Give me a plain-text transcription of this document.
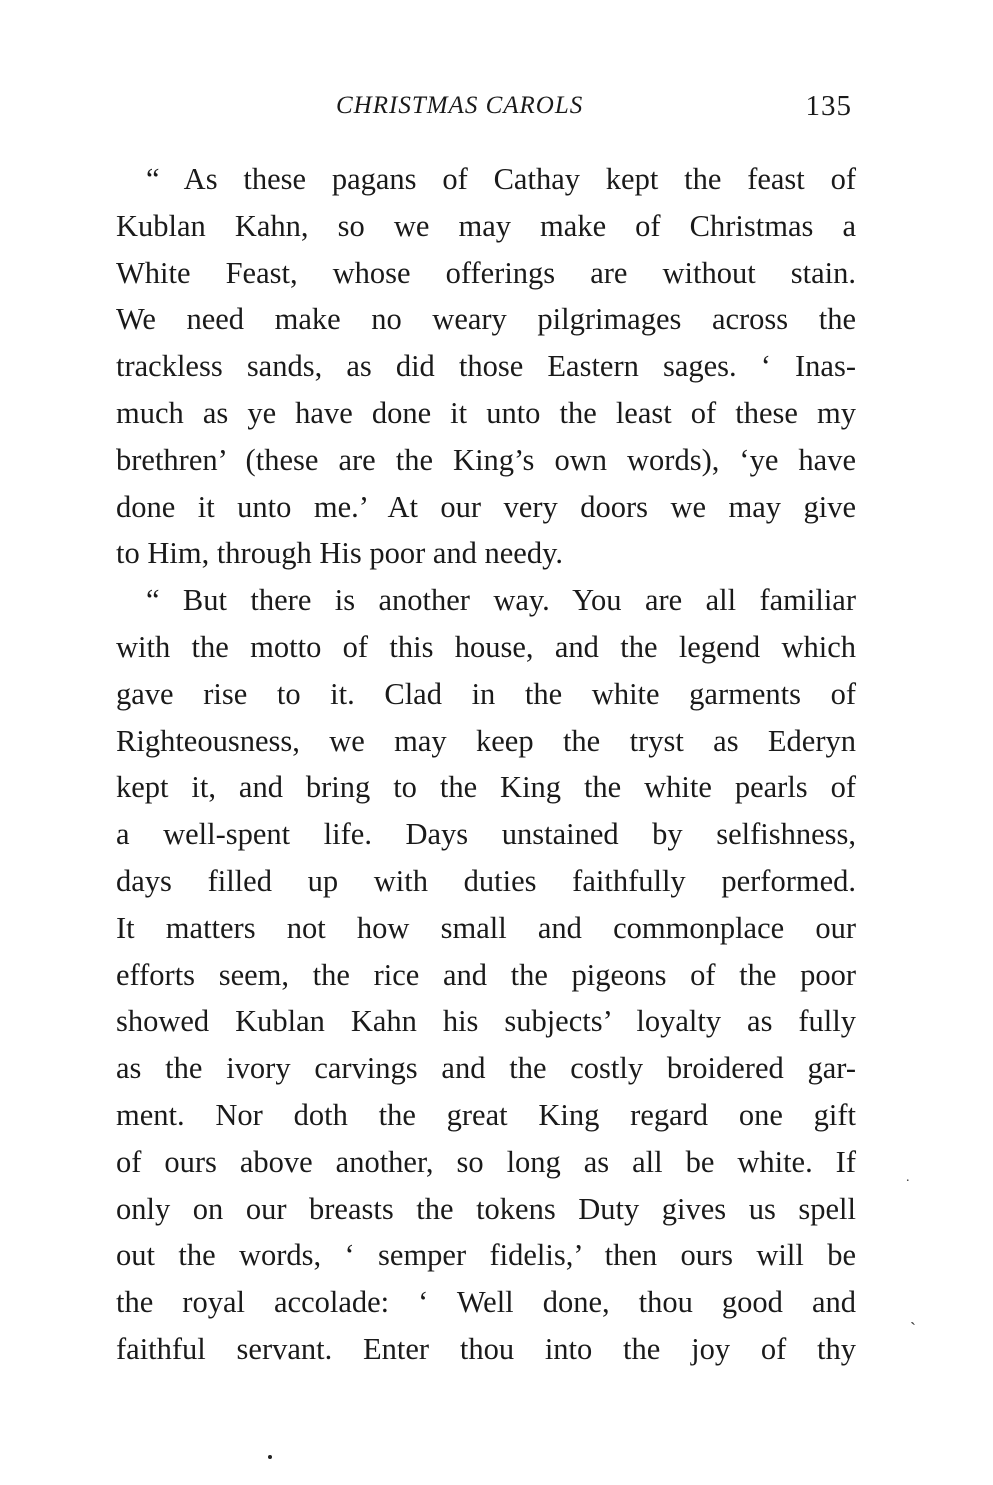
CHRISTMAS CAROLS	135
“ As these pagans of Cathay kept the feast of
Kublan Kahn, so we may make of Christmas a
White Feast, whose offerings are without stain.
We need make no weary pilgrimages across the
trackless sands, as did those Eastern sages. ‘ Inas-
much as ye have done it unto the least of these my
brethren’ (these are the King’s own words), ‘ye have
done it unto me.’ At our very doors we may give
to Him, through His poor and needy.
“ But there is another way. You are all familiar
with the motto of this house, and the legend which
gave rise to it. Clad in the white garments of
Righteousness, we may keep the tryst as Ederyn
kept it, and bring to the King the white pearls of
a well-spent life. Days unstained by selfishness,
days filled up with duties faithfully performed.
It matters not how small and commonplace our
efforts seem, the rice and the pigeons of the poor
showed Kublan Kahn his subjects’ loyalty as fully
as the ivory carvings and the costly broidered gar-
ment. Nor doth the great King regard one gift
of ours above another, so long as all be white. If
only on our breasts the tokens Duty gives us spell
out the words, ‘ semper fidelis,’ then ours will be
the royal accolade: ‘ Well done, thou good and
faithful servant. Enter thou into the joy of thy
.
ˏ
